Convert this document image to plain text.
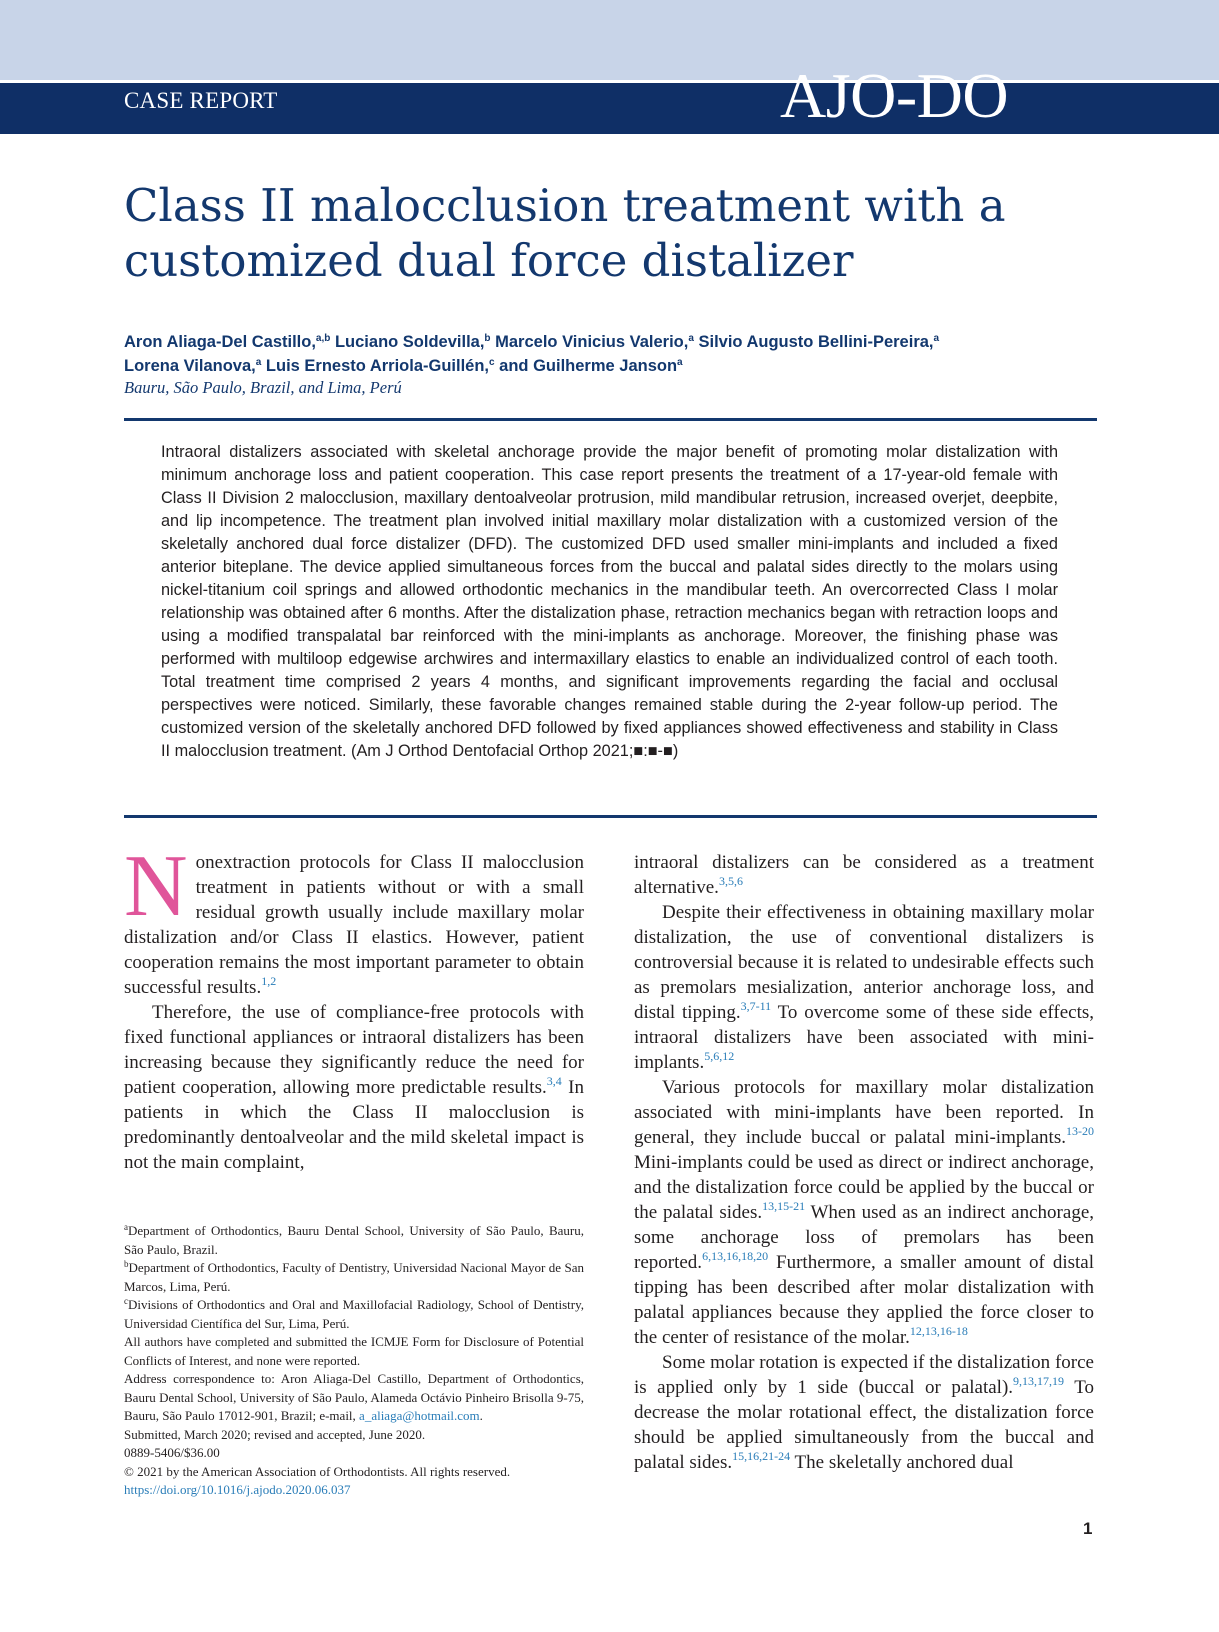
CASE REPORT	AJO-DO
Class II malocclusion treatment with a
customized dual force distalizer
Aron Aliaga-Del Castillo,$^{a,b}$ Luciano Soldevilla,$^b$ Marcelo Vinicius Valerio,$^a$ Silvio Augusto Bellini-Pereira,$^a$
Lorena Vilanova,$^a$ Luis Ernesto Arriola-Guillén,$^c$ and Guilherme Janson$^a$
Bauru, São Paulo, Brazil, and Lima, Perú

Intraoral distalizers associated with skeletal anchorage provide the major benefit of promoting molar distalization with minimum anchorage loss and patient cooperation. This case report presents the treatment of a 17-year-old female with Class II Division 2 malocclusion, maxillary dentoalveolar protrusion, mild mandibular retrusion, increased overjet, deepbite, and lip incompetence. The treatment plan involved initial maxillary molar distalization with a customized version of the skeletally anchored dual force distalizer (DFD). The customized DFD used smaller mini-implants and included a fixed anterior biteplane. The device applied simultaneous forces from the buccal and palatal sides directly to the molars using nickel-titanium coil springs and allowed orthodontic mechanics in the mandibular teeth. An overcorrected Class I molar relationship was obtained after 6 months. After the distalization phase, retraction mechanics began with retraction loops and using a modified transpalatal bar reinforced with the mini-implants as anchorage. Moreover, the finishing phase was performed with multiloop edgewise archwires and intermaxillary elastics to enable an individualized control of each tooth. Total treatment time comprised 2 years 4 months, and significant improvements regarding the facial and occlusal perspectives were noticed. Similarly, these favorable changes remained stable during the 2-year follow-up period. The customized version of the skeletally anchored DFD followed by fixed appliances showed effectiveness and stability in Class II malocclusion treatment. (Am J Orthod Dentofacial Orthop 2021;■:■-■)

Nonextraction protocols for Class II malocclusion treatment in patients without or with a small residual growth usually include maxillary molar distalization and/or Class II elastics. However, patient cooperation remains the most important parameter to obtain successful results.$^{1,2}$

Therefore, the use of compliance-free protocols with fixed functional appliances or intraoral distalizers has been increasing because they significantly reduce the need for patient cooperation, allowing more predictable results.$^{3,4}$ In patients in which the Class II malocclusion is predominantly dentoalveolar and the mild skeletal impact is not the main complaint,

$^a$Department of Orthodontics, Bauru Dental School, University of São Paulo, Bauru, São Paulo, Brazil.
$^b$Department of Orthodontics, Faculty of Dentistry, Universidad Nacional Mayor de San Marcos, Lima, Perú.
$^c$Divisions of Orthodontics and Oral and Maxillofacial Radiology, School of Dentistry, Universidad Científica del Sur, Lima, Perú.
All authors have completed and submitted the ICMJE Form for Disclosure of Potential Conflicts of Interest, and none were reported.
Address correspondence to: Aron Aliaga-Del Castillo, Department of Orthodontics, Bauru Dental School, University of São Paulo, Alameda Octávio Pinheiro Brisolla 9-75, Bauru, São Paulo 17012-901, Brazil; e-mail, a_aliaga@hotmail.com.
Submitted, March 2020; revised and accepted, June 2020.
0889-5406/$36.00
© 2021 by the American Association of Orthodontists. All rights reserved.
https://doi.org/10.1016/j.ajodo.2020.06.037

intraoral distalizers can be considered as a treatment alternative.$^{3,5,6}$

Despite their effectiveness in obtaining maxillary molar distalization, the use of conventional distalizers is controversial because it is related to undesirable effects such as premolars mesialization, anterior anchorage loss, and distal tipping.$^{3,7-11}$ To overcome some of these side effects, intraoral distalizers have been associated with mini-implants.$^{5,6,12}$

Various protocols for maxillary molar distalization associated with mini-implants have been reported. In general, they include buccal or palatal mini-implants.$^{13-20}$ Mini-implants could be used as direct or indirect anchorage, and the distalization force could be applied by the buccal or the palatal sides.$^{13,15-21}$ When used as an indirect anchorage, some anchorage loss of premolars has been reported.$^{6,13,16,18,20}$ Furthermore, a smaller amount of distal tipping has been described after molar distalization with palatal appliances because they applied the force closer to the center of resistance of the molar.$^{12,13,16-18}$

Some molar rotation is expected if the distalization force is applied only by 1 side (buccal or palatal).$^{9,13,17,19}$ To decrease the molar rotational effect, the distalization force should be applied simultaneously from the buccal and palatal sides.$^{15,16,21-24}$ The skeletally anchored dual

1
